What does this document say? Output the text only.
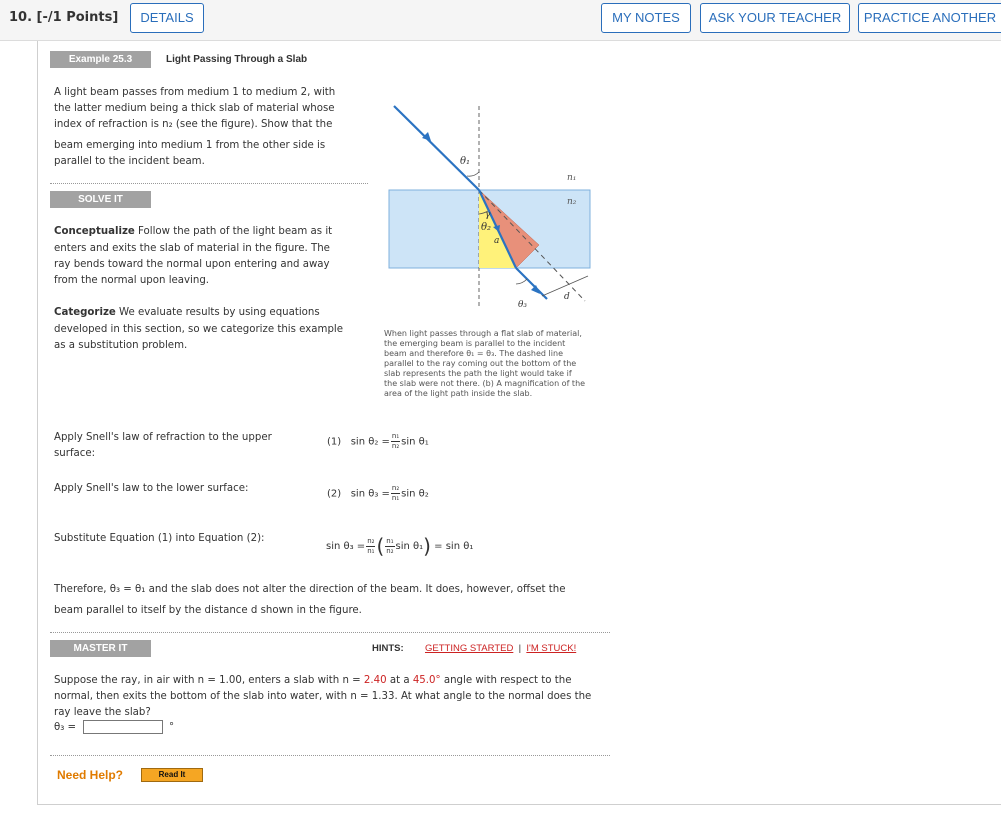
10. [-/1 Points]	DETAILS	MY NOTES	ASK YOUR TEACHER	PRACTICE ANOTHER
Example 25.3	Light Passing Through a Slab
A light beam passes from medium 1 to medium 2, with
the latter medium being a thick slab of material whose
index of refraction is n₂ (see the figure). Show that the
beam emerging into medium 1 from the other side is
parallel to the incident beam.
SOLVE IT
Conceptualize Follow the path of the light beam as it
enters and exits the slab of material in the figure. The
ray bends toward the normal upon entering and away
from the normal upon leaving.
Categorize We evaluate results by using equations
developed in this section, so we categorize this example
as a substitution problem.
θ₁
θ₂
θ₃
n₁
n₂
γ
a
d
When light passes through a flat slab of material,
the emerging beam is parallel to the incident
beam and therefore θ₁ = θ₃. The dashed line
parallel to the ray coming out the bottom of the
slab represents the path the light would take if
the slab were not there. (b) A magnification of the
area of the light path inside the slab.
Apply Snell's law of refraction to the upper
surface:
(1) $\sin \theta_2 = \frac{\text{n₁}}{\text{n₂}}$ sin θ₁
Apply Snell's law to the lower surface:	(2) $\sin \theta_3 = \frac{\text{n₂}}{\text{n₁}}$ sin θ₂
Substitute Equation (1) into Equation (2):
$\sin \theta_3 = \frac{\text{n₂}}{\text{n₁}}$ ( $\frac{\text{n₁}}{\text{n₂}}$ sin θ₁) = sin θ₁
Therefore, θ₃ = θ₁ and the slab does not alter the direction of the beam. It does, however, offset the
beam parallel to itself by the distance d shown in the figure.
MASTER IT	HINTS: GETTING STARTED | I'M STUCK!
Suppose the ray, in air with n = 1.00, enters a slab with n = 2.40 at a 45.0° angle with respect to the
normal, then exits the bottom of the slab into water, with n = 1.33. At what angle to the normal does the
ray leave the slab?
θ₃ =	°
Need Help?	Read It
